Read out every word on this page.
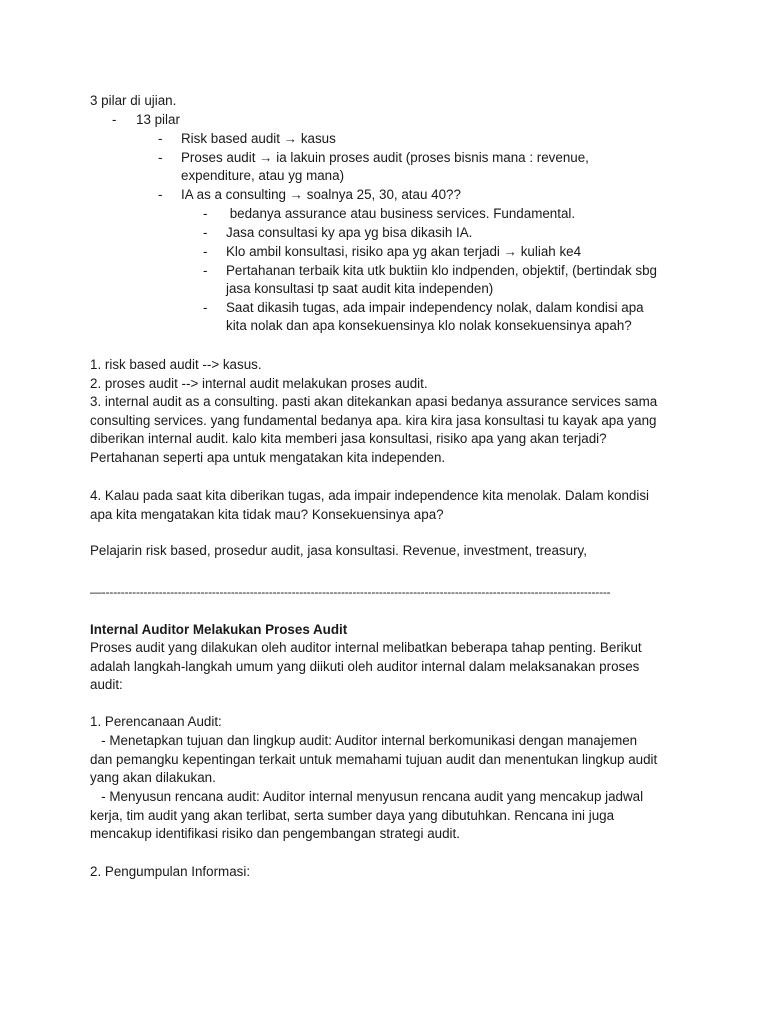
3 pilar di ujian.
- 13 pilar
- Risk based audit → kasus
- Proses audit → ia lakuin proses audit (proses bisnis mana : revenue,
expenditure, atau yg mana)
- IA as a consulting → soalnya 25, 30, atau 40??
- bedanya assurance atau business services. Fundamental.
- Jasa consultasi ky apa yg bisa dikasih IA.
- Klo ambil konsultasi, risiko apa yg akan terjadi → kuliah ke4
- Pertahanan terbaik kita utk buktiin klo indpenden, objektif, (bertindak sbg
jasa konsultasi tp saat audit kita independen)
- Saat dikasih tugas, ada impair independency nolak, dalam kondisi apa
kita nolak dan apa konsekuensinya klo nolak konsekuensinya apah?
1. risk based audit --> kasus.
2. proses audit --> internal audit melakukan proses audit.
3. internal audit as a consulting. pasti akan ditekankan apasi bedanya assurance services sama
consulting services. yang fundamental bedanya apa. kira kira jasa konsultasi tu kayak apa yang
diberikan internal audit. kalo kita memberi jasa konsultasi, risiko apa yang akan terjadi?
Pertahanan seperti apa untuk mengatakan kita independen.
4. Kalau pada saat kita diberikan tugas, ada impair independence kita menolak. Dalam kondisi
apa kita mengatakan kita tidak mau? Konsekuensinya apa?
Pelajarin risk based, prosedur audit, jasa konsultasi. Revenue, investment, treasury,
—--------------------------------------------------------------------------------------------------------------------------------------
Internal Auditor Melakukan Proses Audit
Proses audit yang dilakukan oleh auditor internal melibatkan beberapa tahap penting. Berikut
adalah langkah-langkah umum yang diikuti oleh auditor internal dalam melaksanakan proses
audit:
1. Perencanaan Audit:
- Menetapkan tujuan dan lingkup audit: Auditor internal berkomunikasi dengan manajemen
dan pemangku kepentingan terkait untuk memahami tujuan audit dan menentukan lingkup audit
yang akan dilakukan.
- Menyusun rencana audit: Auditor internal menyusun rencana audit yang mencakup jadwal
kerja, tim audit yang akan terlibat, serta sumber daya yang dibutuhkan. Rencana ini juga
mencakup identifikasi risiko dan pengembangan strategi audit.
2. Pengumpulan Informasi:
